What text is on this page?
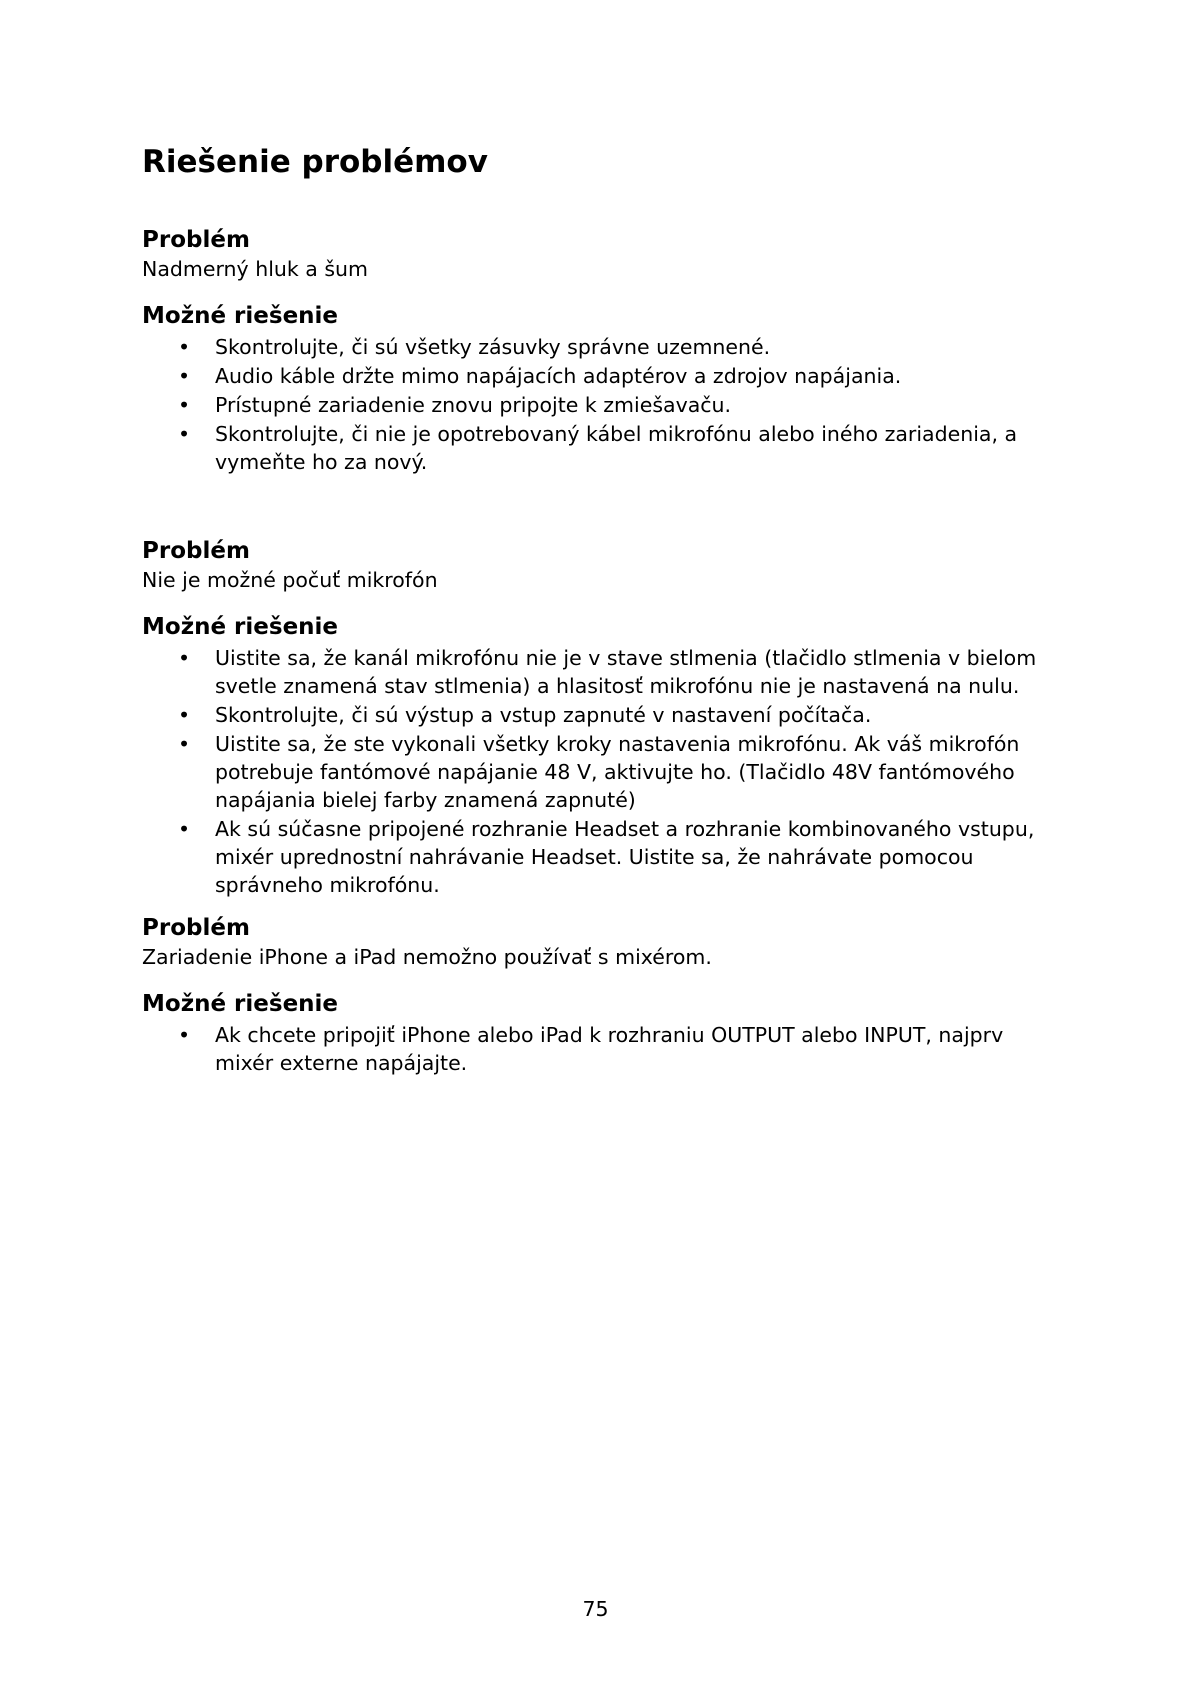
Riešenie problémov

Problém

Nadmerný hluk a šum

Možné riešenie

• Skontrolujte, či sú všetky zásuvky správne uzemnené.
• Audio káble držte mimo napájacích adaptérov a zdrojov napájania.
• Prístupné zariadenie znovu pripojte k zmiešavaču.
• Skontrolujte, či nie je opotrebovaný kábel mikrofónu alebo iného zariadenia, a vymeňte ho za nový.

Problém

Nie je možné počuť mikrofón

Možné riešenie

• Uistite sa, že kanál mikrofónu nie je v stave stlmenia (tlačidlo stlmenia v bielom svetle znamená stav stlmenia) a hlasitosť mikrofónu nie je nastavená na nulu.
• Skontrolujte, či sú výstup a vstup zapnuté v nastavení počítača.
• Uistite sa, že ste vykonali všetky kroky nastavenia mikrofónu. Ak váš mikrofón potrebuje fantómové napájanie 48 V, aktivujte ho. (Tlačidlo 48V fantómového napájania bielej farby znamená zapnuté)
• Ak sú súčasne pripojené rozhranie Headset a rozhranie kombinovaného vstupu, mixér uprednostní nahrávanie Headset. Uistite sa, že nahrávate pomocou správneho mikrofónu.

Problém

Zariadenie iPhone a iPad nemožno používať s mixérom.

Možné riešenie

• Ak chcete pripojiť iPhone alebo iPad k rozhraniu OUTPUT alebo INPUT, najprv mixér externe napájajte.
75
